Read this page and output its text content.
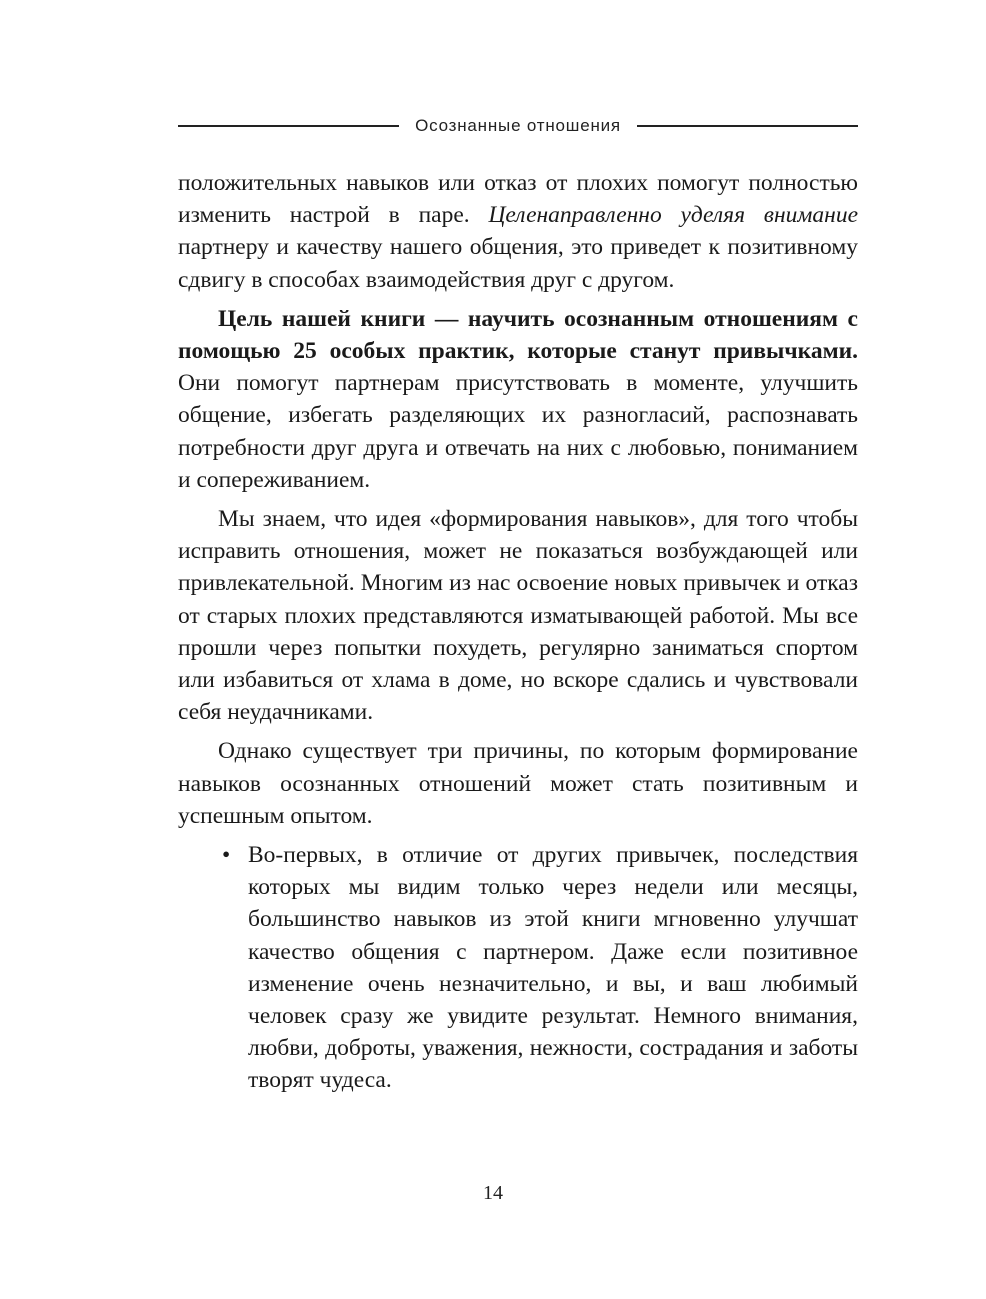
Осознанные отношения

положительных навыков или отказ от плохих помогут полностью изменить настрой в паре. Целенаправленно уделяя внимание партнеру и качеству нашего общения, это приведет к позитивному сдвигу в способах взаимодействия друг с другом.

Цель нашей книги — научить осознанным отношениям с помощью 25 особых практик, которые станут привычками. Они помогут партнерам присутствовать в моменте, улучшить общение, избегать разделяющих их разногласий, распознавать потребности друг друга и отвечать на них с любовью, пониманием и сопереживанием.

Мы знаем, что идея «формирования навыков», для того чтобы исправить отношения, может не показаться возбуждающей или привлекательной. Многим из нас освоение новых привычек и отказ от старых плохих представляются изматывающей работой. Мы все прошли через попытки похудеть, регулярно заниматься спортом или избавиться от хлама в доме, но вскоре сдались и чувствовали себя неудачниками.

Однако существует три причины, по которым формирование навыков осознанных отношений может стать позитивным и успешным опытом.

• Во-первых, в отличие от других привычек, последствия которых мы видим только через недели или месяцы, большинство навыков из этой книги мгновенно улучшат качество общения с партнером. Даже если позитивное изменение очень незначительно, и вы, и ваш любимый человек сразу же увидите результат. Немного внимания, любви, доброты, уважения, нежности, сострадания и заботы творят чудеса.
14
